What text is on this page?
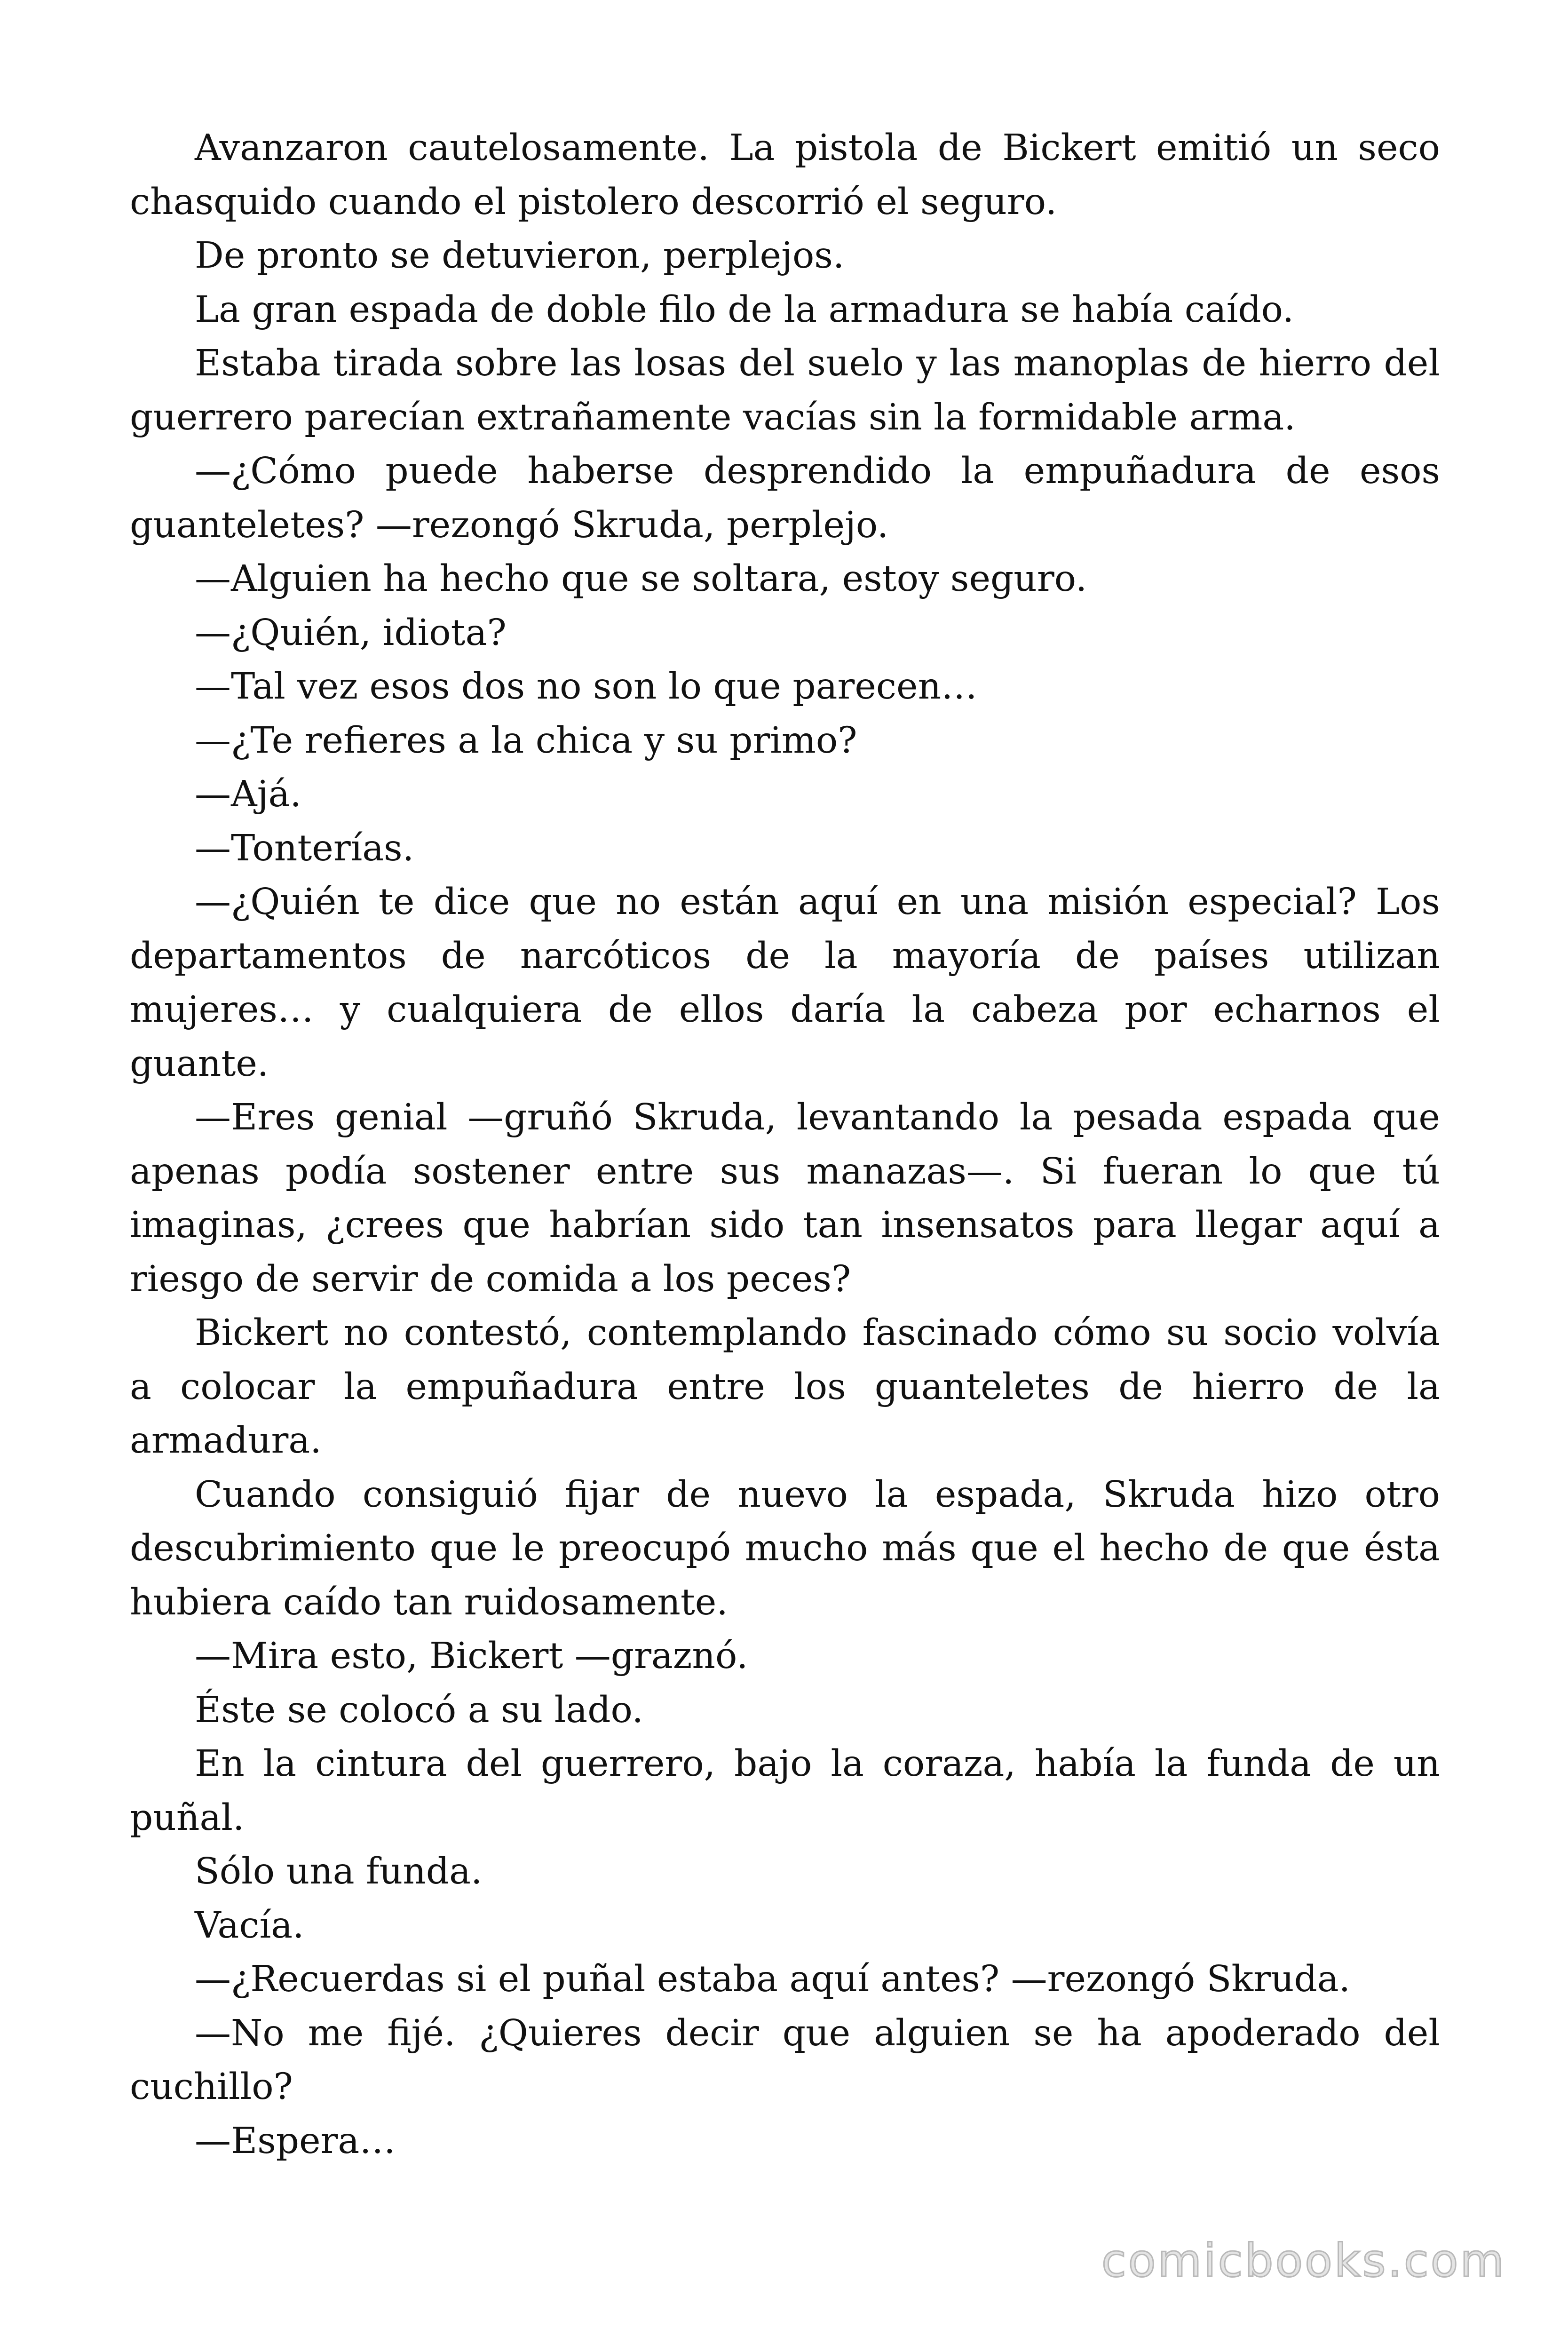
Avanzaron cautelosamente. La pistola de Bickert emitió un seco chasquido cuando el pistolero descorrió el seguro.

De pronto se detuvieron, perplejos.

La gran espada de doble filo de la armadura se había caído.

Estaba tirada sobre las losas del suelo y las manoplas de hierro del guerrero parecían extrañamente vacías sin la formidable arma.

—¿Cómo puede haberse desprendido la empuñadura de esos guanteletes? —rezongó Skruda, perplejo.

—Alguien ha hecho que se soltara, estoy seguro.

—¿Quién, idiota?

—Tal vez esos dos no son lo que parecen…

—¿Te refieres a la chica y su primo?

—Ajá.

—Tonterías.

—¿Quién te dice que no están aquí en una misión especial? Los departamentos de narcóticos de la mayoría de países utilizan mujeres… y cualquiera de ellos daría la cabeza por echarnos el guante.

—Eres genial —gruñó Skruda, levantando la pesada espada que apenas podía sostener entre sus manazas—. Si fueran lo que tú imaginas, ¿crees que habrían sido tan insensatos para llegar aquí a riesgo de servir de comida a los peces?

Bickert no contestó, contemplando fascinado cómo su socio volvía a colocar la empuñadura entre los guanteletes de hierro de la armadura.

Cuando consiguió fijar de nuevo la espada, Skruda hizo otro descubrimiento que le preocupó mucho más que el hecho de que ésta hubiera caído tan ruidosamente.

—Mira esto, Bickert —graznó.

Éste se colocó a su lado.

En la cintura del guerrero, bajo la coraza, había la funda de un puñal.

Sólo una funda.

Vacía.

—¿Recuerdas si el puñal estaba aquí antes? —rezongó Skruda.

—No me fijé. ¿Quieres decir que alguien se ha apoderado del cuchillo?

—Espera…

comicbooks.com
